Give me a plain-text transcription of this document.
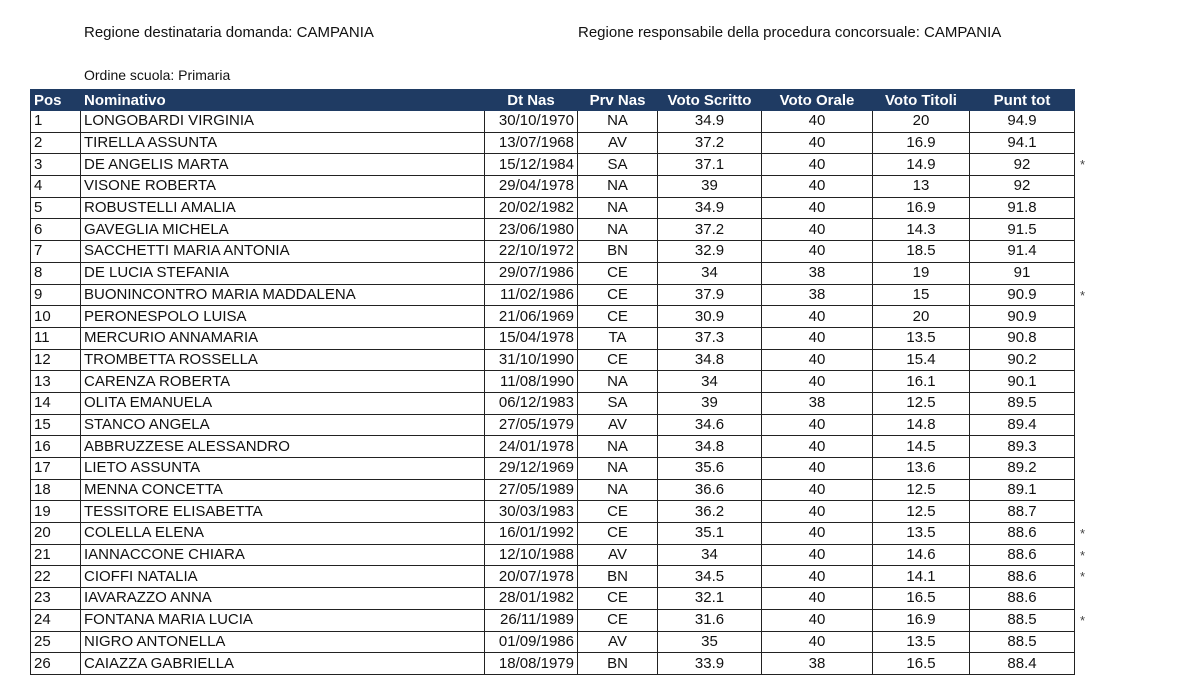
Regione destinataria domanda: CAMPANIA	Regione responsabile della procedura concorsuale: CAMPANIA
Ordine scuola: Primaria
Pos	Nominativo	Dt Nas	Prv Nas	Voto Scritto	Voto Orale	Voto Titoli	Punt tot
1	LONGOBARDI VIRGINIA	30/10/1970	NA	34.9	40	20	94.9
2	TIRELLA ASSUNTA	13/07/1968	AV	37.2	40	16.9	94.1
3	DE ANGELIS MARTA	15/12/1984	SA	37.1	40	14.9	92
4	VISONE ROBERTA	29/04/1978	NA	39	40	13	92
5	ROBUSTELLI AMALIA	20/02/1982	NA	34.9	40	16.9	91.8
6	GAVEGLIA MICHELA	23/06/1980	NA	37.2	40	14.3	91.5
7	SACCHETTI MARIA ANTONIA	22/10/1972	BN	32.9	40	18.5	91.4
8	DE LUCIA STEFANIA	29/07/1986	CE	34	38	19	91
9	BUONINCONTRO MARIA MADDALENA	11/02/1986	CE	37.9	38	15	90.9
10	PERONESPOLO LUISA	21/06/1969	CE	30.9	40	20	90.9
11	MERCURIO ANNAMARIA	15/04/1978	TA	37.3	40	13.5	90.8
12	TROMBETTA ROSSELLA	31/10/1990	CE	34.8	40	15.4	90.2
13	CARENZA ROBERTA	11/08/1990	NA	34	40	16.1	90.1
14	OLITA EMANUELA	06/12/1983	SA	39	38	12.5	89.5
15	STANCO ANGELA	27/05/1979	AV	34.6	40	14.8	89.4
16	ABBRUZZESE ALESSANDRO	24/01/1978	NA	34.8	40	14.5	89.3
17	LIETO ASSUNTA	29/12/1969	NA	35.6	40	13.6	89.2
18	MENNA CONCETTA	27/05/1989	NA	36.6	40	12.5	89.1
19	TESSITORE ELISABETTA	30/03/1983	CE	36.2	40	12.5	88.7
20	COLELLA ELENA	16/01/1992	CE	35.1	40	13.5	88.6
21	IANNACCONE CHIARA	12/10/1988	AV	34	40	14.6	88.6
22	CIOFFI NATALIA	20/07/1978	BN	34.5	40	14.1	88.6
23	IAVARAZZO ANNA	28/01/1982	CE	32.1	40	16.5	88.6
24	FONTANA MARIA LUCIA	26/11/1989	CE	31.6	40	16.9	88.5
25	NIGRO ANTONELLA	01/09/1986	AV	35	40	13.5	88.5
26	CAIAZZA GABRIELLA	18/08/1979	BN	33.9	38	16.5	88.4
*
*
*
*
*
*
